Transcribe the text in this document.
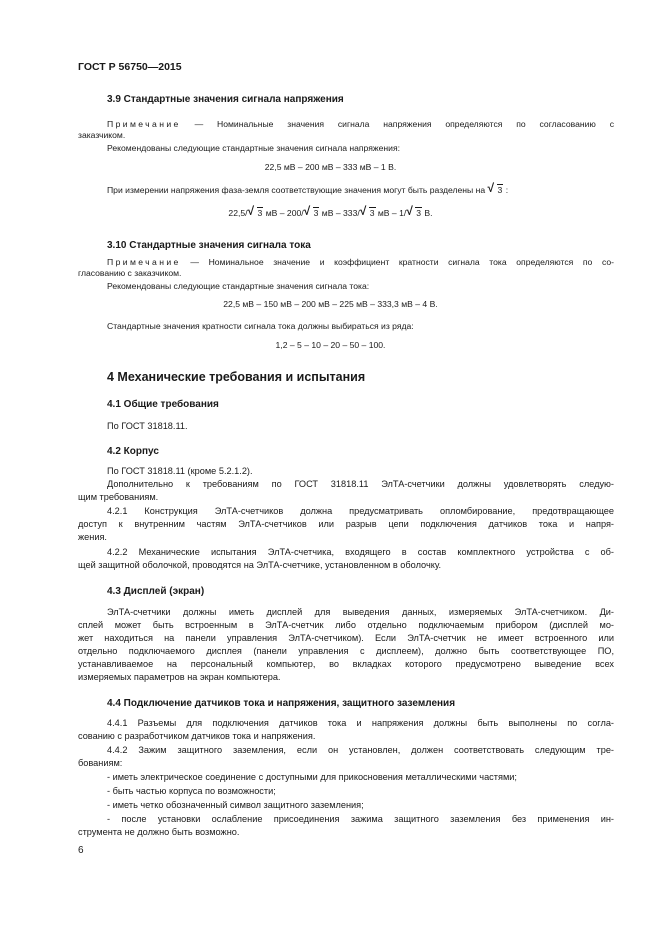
ГОСТ Р 56750—2015
3.9 Стандартные значения сигнала напряжения
Примечание — Номинальные значения сигнала напряжения определяются по согласованию с
заказчиком.
Рекомендованы следующие стандартные значения сигнала напряжения:
22,5 мВ – 200 мВ – 333 мВ – 1 В.
При измерении напряжения фаза-земля соответствующие значения могут быть разделены на √ 3 :
22,5/ √ 3 мВ – 200/ √ 3 мВ – 333/ √ 3 мВ – 1/ √ 3 В.
3.10 Стандартные значения сигнала тока
Примечание — Номинальное значение и коэффициент кратности сигнала тока определяются по со-
гласованию с заказчиком.
Рекомендованы следующие стандартные значения сигнала тока:
22,5 мВ – 150 мВ – 200 мВ – 225 мВ – 333,3 мВ – 4 В.
Стандартные значения кратности сигнала тока должны выбираться из ряда:
1,2 – 5 – 10 – 20 – 50 – 100.
4 Механические требования и испытания
4.1 Общие требования
По ГОСТ 31818.11.
4.2 Корпус
По ГОСТ 31818.11 (кроме 5.2.1.2).
Дополнительно к требованиям по ГОСТ 31818.11 ЭлТА-счетчики должны удовлетворять следую-
щим требованиям.
4.2.1 Конструкция ЭлТА-счетчиков должна предусматривать опломбирование, предотвращающее
доступ к внутренним частям ЭлТА-счетчиков или разрыв цепи подключения датчиков тока и напря-
жения.
4.2.2 Механические испытания ЭлТА-счетчика, входящего в состав комплектного устройства с об-
щей защитной оболочкой, проводятся на ЭлТА-счетчике, установленном в оболочку.
4.3 Дисплей (экран)
ЭлТА-счетчики должны иметь дисплей для выведения данных, измеряемых ЭлТА-счетчиком. Ди-
сплей может быть встроенным в ЭлТА-счетчик либо отдельно подключаемым прибором (дисплей мо-
жет находиться на панели управления ЭлТА-счетчиком). Если ЭлТА-счетчик не имеет встроенного или
отдельно подключаемого дисплея (панели управления с дисплеем), должно быть соответствующее ПО,
устанавливаемое на персональный компьютер, во вкладках которого предусмотрено выведение всех
измеряемых параметров на экран компьютера.
4.4 Подключение датчиков тока и напряжения, защитного заземления
4.4.1 Разъемы для подключения датчиков тока и напряжения должны быть выполнены по согла-
сованию с разработчиком датчиков тока и напряжения.
4.4.2 Зажим защитного заземления, если он установлен, должен соответствовать следующим тре-
бованиям:
- иметь электрическое соединение с доступными для прикосновения металлическими частями;
- быть частью корпуса по возможности;
- иметь четко обозначенный символ защитного заземления;
- после установки ослабление присоединения зажима защитного заземления без применения ин-
струмента не должно быть возможно.
6
